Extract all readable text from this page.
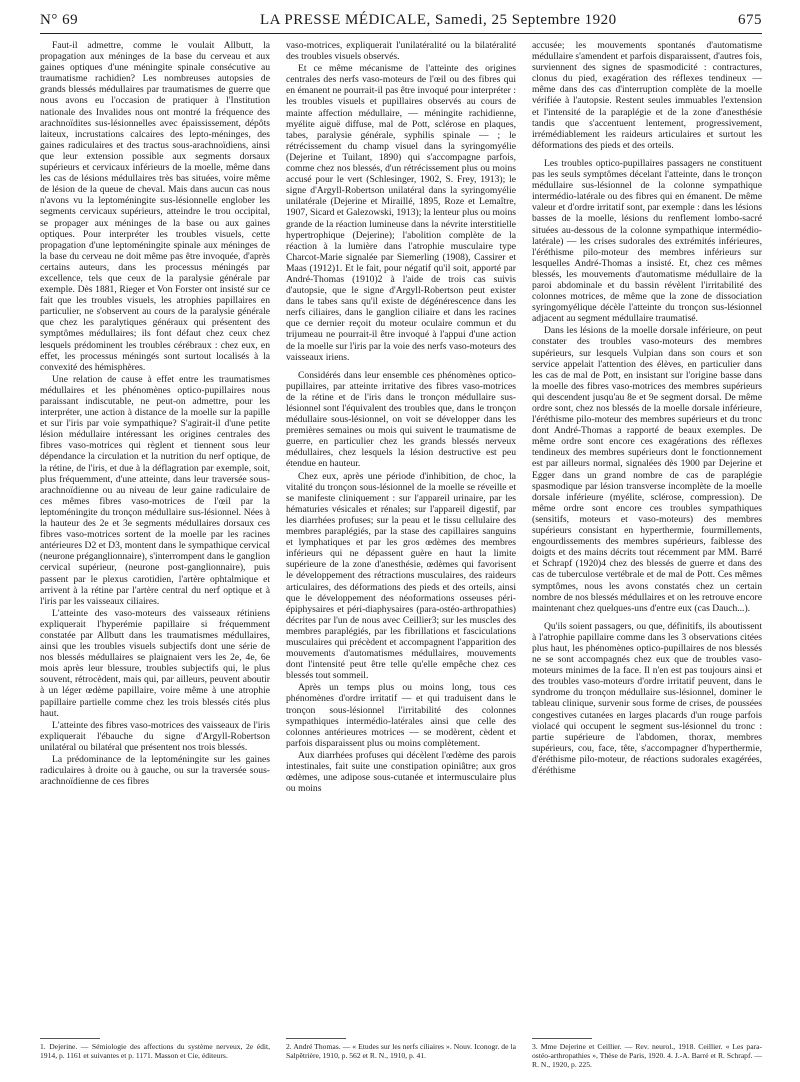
N° 69	LA PRESSE MÉDICALE, Samedi, 25 Septembre 1920	675

Faut-il admettre, comme le voulait Allbutt, la propagation aux méninges de la base du cerveau et aux gaines optiques d'une méningite spinale consécutive au traumatisme rachidien? Les nombreuses autopsies de grands blessés médullaires par traumatismes de guerre que nous avons eu l'occasion de pratiquer à l'Institution nationale des Invalides nous ont montré la fréquence des arachnoïdites sus-lésionnelles avec épaississement, dépôts laiteux, incrustations calcaires des lepto-méninges, des gaines radiculaires et des tractus sous-arachnoïdiens, ainsi que leur extension possible aux segments dorsaux supérieurs et cervicaux inférieurs de la moelle, même dans les cas de lésions médullaires très bas situées, voire même de lésion de la queue de cheval. Mais dans aucun cas nous n'avons vu la leptoméningite sus-lésionnelle englober les segments cervicaux supérieurs, atteindre le trou occipital, se propager aux méninges de la base ou aux gaines optiques. Pour interpréter les troubles visuels, cette propagation d'une leptoméningite spinale aux méninges de la base du cerveau ne doit même pas être invoquée, d'après certains auteurs, dans les processus méningés par excellence, tels que ceux de la paralysie générale par exemple. Dès 1881, Rieger et Von Forster ont insisté sur ce fait que les troubles visuels, les atrophies papillaires en particulier, ne s'observent au cours de la paralysie générale que chez les paralytiques généraux qui présentent des symptômes médullaires; ils font défaut chez ceux chez lesquels prédominent les troubles cérébraux : chez eux, en effet, les processus méningés sont surtout localisés à la convexité des hémisphères.

Une relation de cause à effet entre les traumatismes médullaires et les phénomènes optico-pupillaires nous paraissant indiscutable, ne peut-on admettre, pour les interpréter, une action à distance de la moelle sur la papille et sur l'iris par voie sympathique? S'agirait-il d'une petite lésion médullaire intéressant les origines centrales des fibres vaso-motrices qui règlent et tiennent sous leur dépendance la circulation et la nutrition du nerf optique, de la rétine, de l'iris, et due à la déflagration par exemple, soit, plus fréquemment, d'une atteinte, dans leur traversée sous-arachnoïdienne ou au niveau de leur gaine radiculaire de ces mêmes fibres vaso-motrices de l'œil par la leptoméningite du tronçon médullaire sus-lésionnel. Nées à la hauteur des 2e et 3e segments médullaires dorsaux ces fibres vaso-motrices sortent de la moelle par les racines antérieures D2 et D3, montent dans le sympathique cervical (neurone préganglionnaire), s'interrompent dans le ganglion cervical supérieur, (neurone post-ganglionnaire), puis passent par le plexus carotidien, l'artère ophtalmique et arrivent à la rétine par l'artère central du nerf optique et à l'iris par les vaisseaux ciliaires.

L'atteinte des vaso-moteurs des vaisseaux rétiniens expliquerait l'hyperémie papillaire si fréquemment constatée par Allbutt dans les traumatismes médullaires, ainsi que les troubles visuels subjectifs dont une série de nos blessés médullaires se plaignaient vers les 2e, 4e, 6e mois après leur blessure, troubles subjectifs qui, le plus souvent, rétrocèdent, mais qui, par ailleurs, peuvent aboutir à un léger œdème papillaire, voire même à une atrophie papillaire partielle comme chez les trois blessés cités plus haut.

L'atteinte des fibres vaso-motrices des vaisseaux de l'iris expliquerait l'ébauche du signe d'Argyll-Robertson unilatéral ou bilatéral que présentent nos trois blessés.

La prédominance de la leptoméningite sur les gaines radiculaires à droite ou à gauche, ou sur la traversée sous-arachnoïdienne de ces fibres

vaso-motrices, expliquerait l'unilatéralité ou la bilatéralité des troubles visuels observés.

Et ce même mécanisme de l'atteinte des origines centrales des nerfs vaso-moteurs de l'œil ou des fibres qui en émanent ne pourrait-il pas être invoqué pour interpréter : les troubles visuels et pupillaires observés au cours de mainte affection médullaire, — méningite rachidienne, myélite aiguë diffuse, mal de Pott, sclérose en plaques, tabes, paralysie générale, syphilis spinale — ; le rétrécissement du champ visuel dans la syringomyélie (Dejerine et Tuilant, 1890) qui s'accompagne parfois, comme chez nos blessés, d'un rétrécissement plus ou moins accusé pour le vert (Schlesinger, 1902, S. Frey, 1913); le signe d'Argyll-Robertson unilatéral dans la syringomyélie unilatérale (Dejerine et Miraillé, 1895, Roze et Lemaître, 1907, Sicard et Galezowski, 1913); la lenteur plus ou moins grande de la réaction lumineuse dans la névrite interstitielle hypertrophique (Dejerine); l'abolition complète de la réaction à la lumière dans l'atrophie musculaire type Charcot-Marie signalée par Siemerling (1908), Cassirer et Maas (1912)1. Et le fait, pour négatif qu'il soit, apporté par André-Thomas (1910)2 à l'aide de trois cas suivis d'autopsie, que le signe d'Argyll-Robertson peut exister dans le tabes sans qu'il existe de dégénérescence dans les nerfs ciliaires, dans le ganglion ciliaire et dans les racines que ce dernier reçoit du moteur oculaire commun et du trijumeau ne pourrait-il être invoqué à l'appui d'une action de la moelle sur l'iris par la voie des nerfs vaso-moteurs des vaisseaux iriens.

Considérés dans leur ensemble ces phénomènes optico-pupillaires, par atteinte irritative des fibres vaso-motrices de la rétine et de l'iris dans le tronçon médullaire sus-lésionnel sont l'équivalent des troubles que, dans le tronçon médullaire sous-lésionnel, on voit se développer dans les premières semaines ou mois qui suivent le traumatisme de guerre, en particulier chez les grands blessés nerveux médullaires, chez lesquels la lésion destructive est peu étendue en hauteur.

Chez eux, après une période d'inhibition, de choc, la vitalité du tronçon sous-lésionnel de la moelle se réveille et se manifeste cliniquement : sur l'appareil urinaire, par les hématuries vésicales et rénales; sur l'appareil digestif, par les diarrhées profuses; sur la peau et le tissu cellulaire des membres paraplégiés, par la stase des capillaires sanguins et lymphatiques et par les gros œdèmes des membres inférieurs qui ne dépassent guère en haut la limite supérieure de la zone d'anesthésie, œdèmes qui favorisent le développement des rétractions musculaires, des raideurs articulaires, des déformations des pieds et des orteils, ainsi que le développement des néoformations osseuses péri-épiphysaires et péri-diaphysaires (para-ostéo-arthropathies) décrites par l'un de nous avec Ceillier3; sur les muscles des membres paraplégiés, par les fibrillations et fasciculations musculaires qui précèdent et accompagnent l'apparition des mouvements d'automatismes médullaires, mouvements dont l'intensité peut être telle qu'elle empêche chez ces blessés tout sommeil.

Après un temps plus ou moins long, tous ces phénomènes d'ordre irritatif — et qui traduisent dans le tronçon sous-lésionnel l'irritabilité des colonnes sympathiques intermédio-latérales ainsi que celle des colonnes antérieures motrices — se modèrent, cèdent et parfois disparaissent plus ou moins complètement.

Aux diarrhées profuses qui décèlent l'œdème des parois intestinales, fait suite une constipation opiniâtre; aux gros œdèmes, une adipose sous-cutanée et intermusculaire plus ou moins

accusée; les mouvements spontanés d'automatisme médullaire s'amendent et parfois disparaissent, d'autres fois, surviennent des signes de spasmodicité : contractures, clonus du pied, exagération des réflexes tendineux — même dans des cas d'interruption complète de la moelle vérifiée à l'autopsie. Restent seules immuables l'extension et l'intensité de la paraplégie et de la zone d'anesthésie tandis que s'accentuent lentement, progressivement, irrémédiablement les raideurs articulaires et surtout les déformations des pieds et des orteils.

Les troubles optico-pupillaires passagers ne constituent pas les seuls symptômes décelant l'atteinte, dans le tronçon médullaire sus-lésionnel de la colonne sympathique intermédio-latérale ou des fibres qui en émanent. De même valeur et d'ordre irritatif sont, par exemple : dans les lésions basses de la moelle, lésions du renflement lombo-sacré situées au-dessous de la colonne sympathique intermédio-latérale) — les crises sudorales des extrémités inférieures, l'éréthisme pilo-moteur des membres inférieurs sur lesquelles André-Thomas a insisté. Et, chez ces mêmes blessés, les mouvements d'automatisme médullaire de la paroi abdominale et du bassin révèlent l'irritabilité des colonnes motrices, de même que la zone de dissociation syringomyélique décèle l'atteinte du tronçon sus-lésionnel adjacent au segment médullaire traumatisé.

Dans les lésions de la moelle dorsale inférieure, on peut constater des troubles vaso-moteurs des membres supérieurs, sur lesquels Vulpian dans son cours et son service appelait l'attention des élèves, en particulier dans les cas de mal de Pott, en insistant sur l'origine basse dans la moelle des fibres vaso-motrices des membres supérieurs qui descendent jusqu'au 8e et 9e segment dorsal. De même ordre sont, chez nos blessés de la moelle dorsale inférieure, l'éréthisme pilo-moteur des membres supérieurs et du tronc dont André-Thomas a rapporté de beaux exemples. De même ordre sont encore ces exagérations des réflexes tendineux des membres supérieurs dont le fonctionnement est par ailleurs normal, signalées dès 1900 par Dejerine et Egger dans un grand nombre de cas de paraplégie spasmodique par lésion transverse incomplète de la moelle dorsale inférieure (myélite, sclérose, compression). De même ordre sont encore ces troubles sympathiques (sensitifs, moteurs et vaso-moteurs) des membres supérieurs consistant en hyperthermie, fourmillements, engourdissements des membres supérieurs, faiblesse des doigts et des mains décrits tout récemment par MM. Barré et Schrapf (1920)4 chez des blessés de guerre et dans des cas de tuberculose vertébrale et de mal de Pott. Ces mêmes symptômes, nous les avons constatés chez un certain nombre de nos blessés médullaires et on les retrouve encore maintenant chez quelques-uns d'entre eux (cas Dauch...).

Qu'ils soient passagers, ou que, définitifs, ils aboutissent à l'atrophie papillaire comme dans les 3 observations citées plus haut, les phénomènes optico-pupillaires de nos blessés ne se sont accompagnés chez eux que de troubles vaso-moteurs minimes de la face. Il n'en est pas toujours ainsi et des troubles vaso-moteurs d'ordre irritatif peuvent, dans le syndrome du tronçon médullaire sus-lésionnel, dominer le tableau clinique, survenir sous forme de crises, de poussées congestives cutanées en larges placards d'un rouge parfois violacé qui occupent le segment sus-lésionnel du tronc : partie supérieure de l'abdomen, thorax, membres supérieurs, cou, face, tête, s'accompagner d'hyperthermie, d'éréthisme pilo-moteur, de réactions sudorales exagérées, d'éréthisme

1. Dejerine. — Sémiologie des affections du système nerveux, 2e édit, 1914, p. 1161 et suivantes et p. 1171. Masson et Cie, éditeurs.
2. André Thomas. — « Etudes sur les nerfs ciliaires ». Nouv. Iconogr. de la Salpêtrière, 1910, p. 562 et R. N., 1910, p. 41.
3. Mme Dejerine et Ceillier. — Rev. neurol., 1918. Ceillier. « Les para-ostéo-arthropathies », Thèse de Paris, 1920. 4. J.-A. Barré et R. Schrapf. — R. N., 1920, p. 225.
